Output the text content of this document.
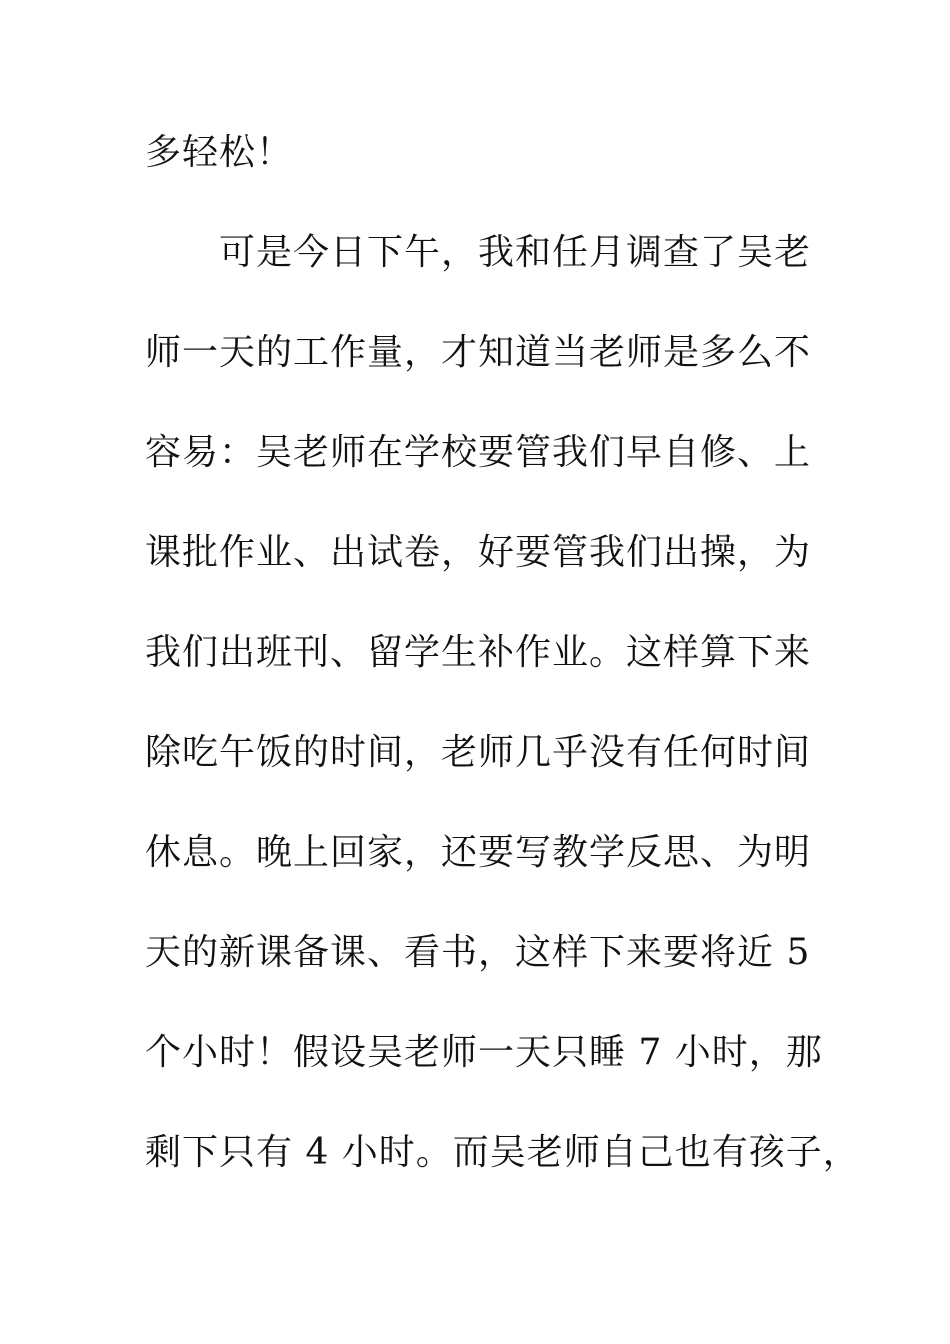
多轻松！

　　可是今日下午，我和任月调查了吴老

师一天的工作量，才知道当老师是多么不

容易：吴老师在学校要管我们早自修、上

课批作业、出试卷，好要管我们出操，为

我们出班刊、留学生补作业。这样算下来

除吃午饭的时间，老师几乎没有任何时间

休息。晚上回家，还要写教学反思、为明

天的新课备课、看书，这样下来要将近 5

个小时！假设吴老师一天只睡 7 小时，那

剩下只有 4 小时。而吴老师自己也有孩子，
